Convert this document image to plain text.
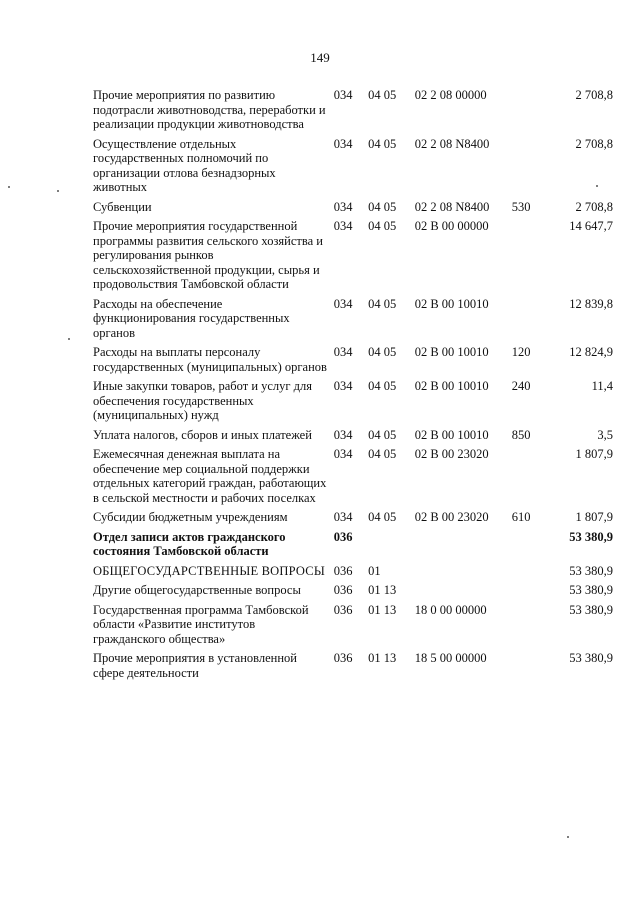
149
Прочие мероприятия по развитию подотрасли животноводства, переработки и реализации продукции животноводства	034	04 05	02 2 08 00000		2 708,8
Осуществление отдельных государственных полномочий по организации отлова безнадзорных животных	034	04 05	02 2 08 N8400		2 708,8
Субвенции	034	04 05	02 2 08 N8400	530	2 708,8
Прочие мероприятия государственной программы развития сельского хозяйства и регулирования рынков сельскохозяйственной продукции, сырья и продовольствия Тамбовской области	034	04 05	02 В 00 00000		14 647,7
Расходы на обеспечение функционирования государственных органов	034	04 05	02 В 00 10010		12 839,8
Расходы на выплаты персоналу государственных (муниципальных) органов	034	04 05	02 В 00 10010	120	12 824,9
Иные закупки товаров, работ и услуг для обеспечения государственных (муниципальных) нужд	034	04 05	02 В 00 10010	240	11,4
Уплата налогов, сборов и иных платежей	034	04 05	02 В 00 10010	850	3,5
Ежемесячная денежная выплата на обеспечение мер социальной поддержки отдельных категорий граждан, работающих в сельской местности и рабочих поселках	034	04 05	02 В 00 23020		1 807,9
Субсидии бюджетным учреждениям	034	04 05	02 В 00 23020	610	1 807,9
Отдел записи актов гражданского состояния Тамбовской области	036				53 380,9
ОБЩЕГОСУДАРСТВЕННЫЕ ВОПРОСЫ	036	01			53 380,9
Другие общегосударственные вопросы	036	01 13			53 380,9
Государственная программа Тамбовской области «Развитие институтов гражданского общества»	036	01 13	18 0 00 00000		53 380,9
Прочие мероприятия в установленной сфере деятельности	036	01 13	18 5 00 00000		53 380,9
